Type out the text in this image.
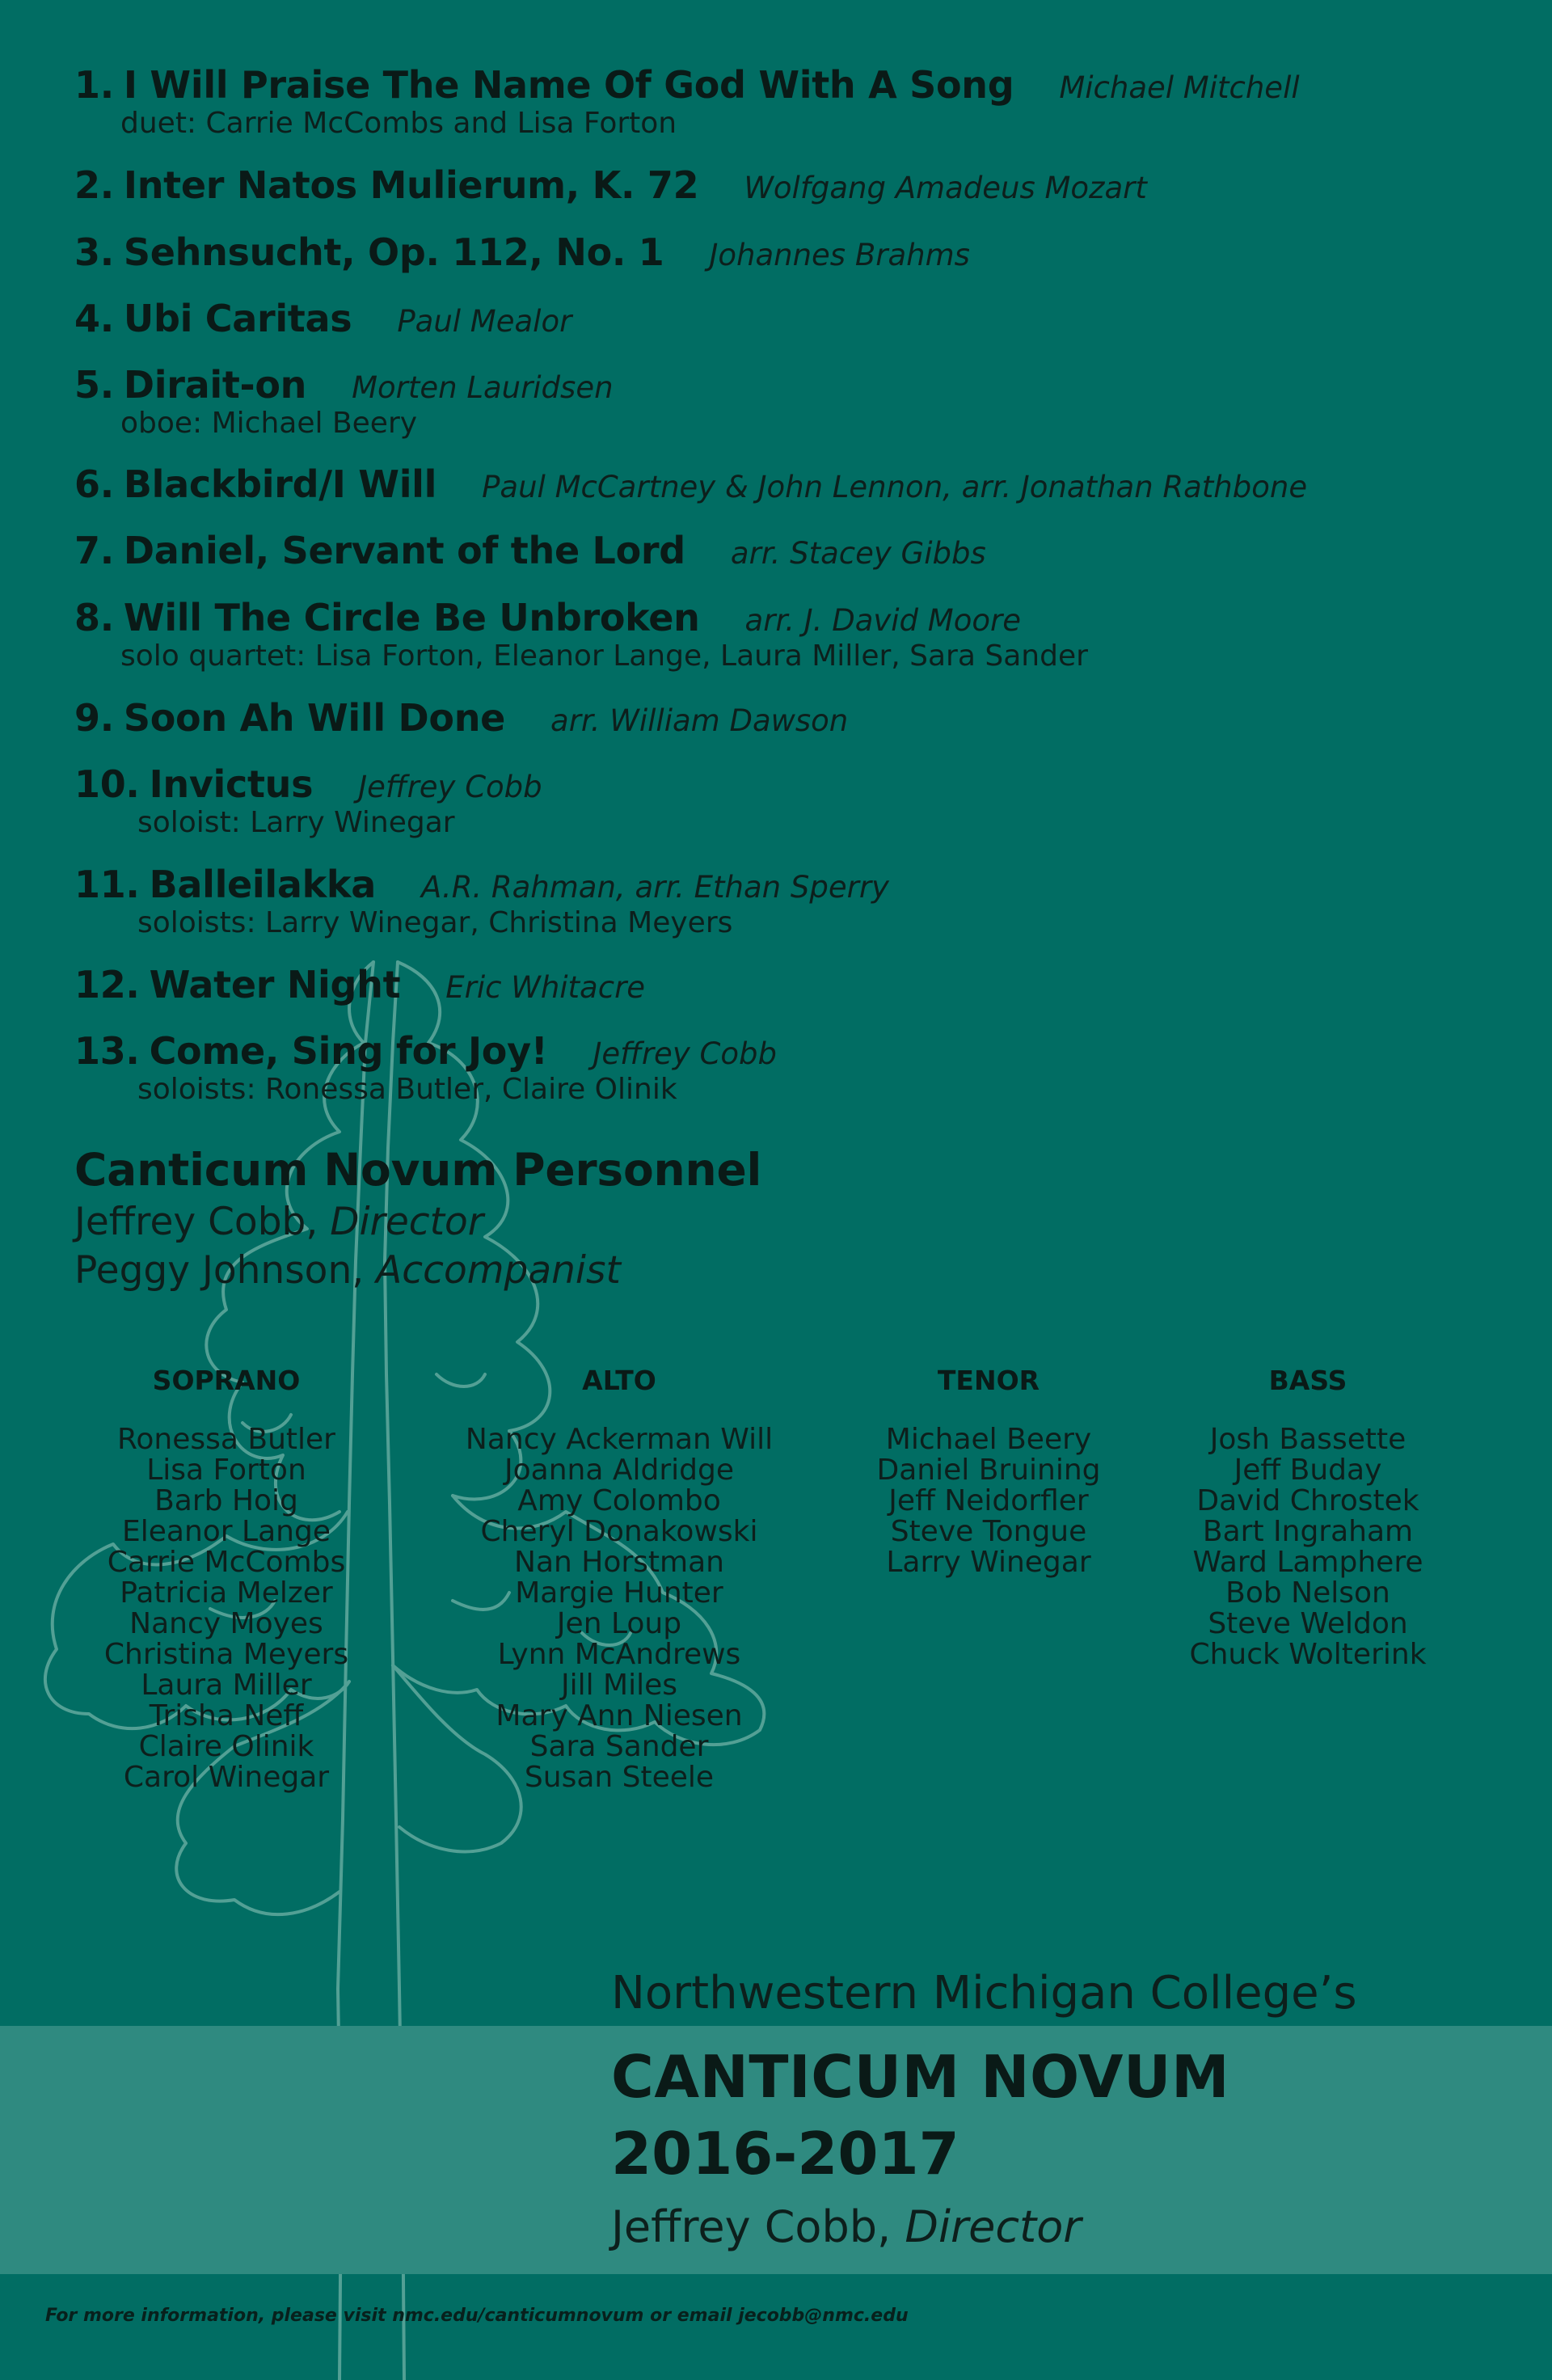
1. I Will Praise The Name Of God With A Song Michael Mitchell
duet: Carrie McCombs and Lisa Forton
2. Inter Natos Mulierum, K. 72 Wolfgang Amadeus Mozart
3. Sehnsucht, Op. 112, No. 1 Johannes Brahms
4. Ubi Caritas Paul Mealor
5. Dirait-on Morten Lauridsen
oboe: Michael Beery
6. Blackbird/I Will Paul McCartney & John Lennon, arr. Jonathan Rathbone
7. Daniel, Servant of the Lord arr. Stacey Gibbs
8. Will The Circle Be Unbroken arr. J. David Moore
solo quartet: Lisa Forton, Eleanor Lange, Laura Miller, Sara Sander
9. Soon Ah Will Done arr. William Dawson
10. Invictus Jeffrey Cobb
soloist: Larry Winegar
11. Balleilakka A.R. Rahman, arr. Ethan Sperry
soloists: Larry Winegar, Christina Meyers
12. Water Night Eric Whitacre
13. Come, Sing for Joy! Jeffrey Cobb
soloists: Ronessa Butler, Claire Olinik
Canticum Novum Personnel
Jeffrey Cobb, Director
Peggy Johnson, Accompanist
SOPRANO
Ronessa Butler
Lisa Forton
Barb Hoig
Eleanor Lange
Carrie McCombs
Patricia Melzer
Nancy Moyes
Christina Meyers
Laura Miller
Trisha Neff
Claire Olinik
Carol Winegar
ALTO
Nancy Ackerman Will
Joanna Aldridge
Amy Colombo
Cheryl Donakowski
Nan Horstman
Margie Hunter
Jen Loup
Lynn McAndrews
Jill Miles
Mary Ann Niesen
Sara Sander
Susan Steele
TENOR
Michael Beery
Daniel Bruining
Jeff Neidorfler
Steve Tongue
Larry Winegar
BASS
Josh Bassette
Jeff Buday
David Chrostek
Bart Ingraham
Ward Lamphere
Bob Nelson
Steve Weldon
Chuck Wolterink
Northwestern Michigan College’s
CANTICUM NOVUM
2016-2017
Jeffrey Cobb, Director
For more information, please visit nmc.edu/canticumnovum or email jecobb@nmc.edu
